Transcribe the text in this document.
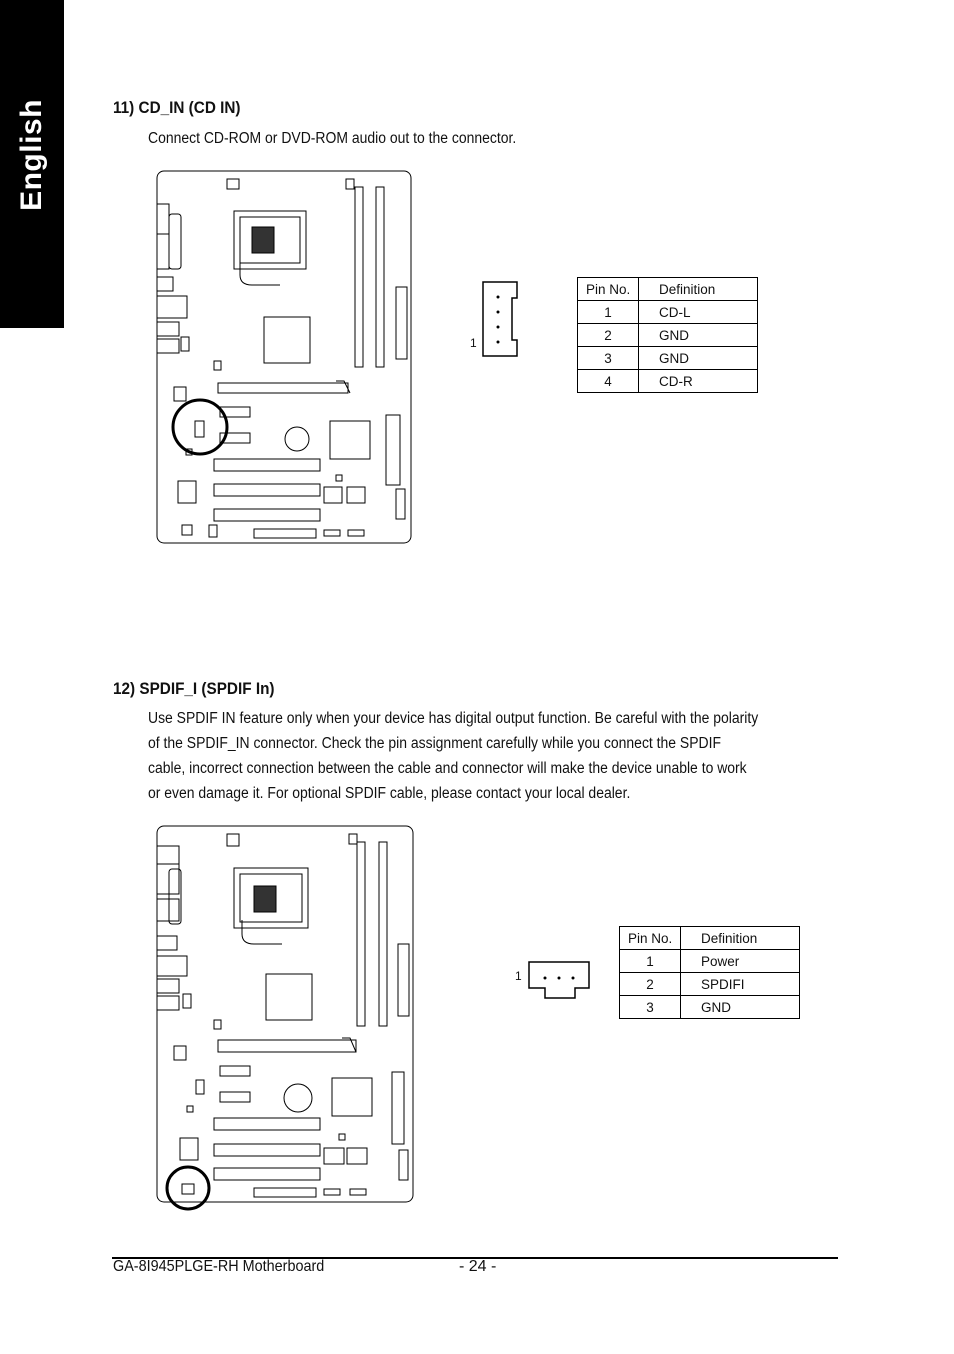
English	11) CD_IN (CD IN)
Connect CD-ROM or DVD-ROM audio out to the connector.
1
Pin No.	Definition
1	CD-L
2	GND
3	GND
4	CD-R
12) SPDIF_I (SPDIF In)
Use SPDIF IN feature only when your device has digital output function. Be careful with the polarity
of the SPDIF_IN connector. Check the pin assignment carefully while you connect the SPDIF
cable, incorrect connection between the cable and connector will make the device unable to work
or even damage it. For optional SPDIF cable, please contact your local dealer.
1
Pin No.	Definition
1	Power
2	SPDIFI
3	GND
GA-8I945PLGE-RH Motherboard	- 24 -
